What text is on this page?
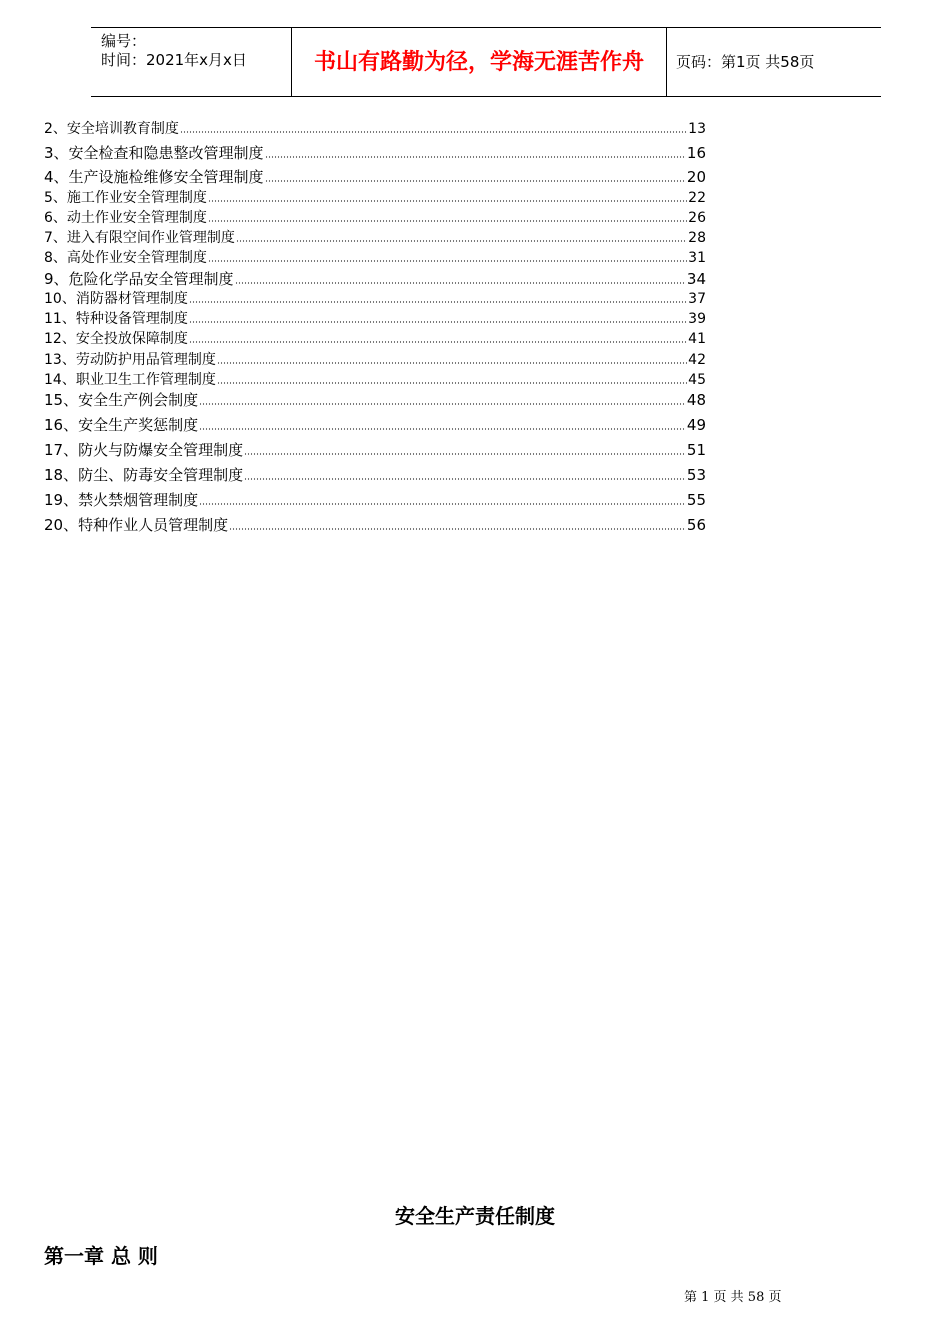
编号：
时间：2021年x月x日	书山有路勤为径，学海无涯苦作舟	页码：第1页 共58页
2、安全培训教育制度	13
3、安全检查和隐患整改管理制度	16
4、生产设施检维修安全管理制度	20
5、施工作业安全管理制度	22
6、动土作业安全管理制度	26
7、进入有限空间作业管理制度	28
8、高处作业安全管理制度	31
9、危险化学品安全管理制度	34
10、消防器材管理制度	37
11、特种设备管理制度	39
12、安全投放保障制度	41
13、劳动防护用品管理制度	42
14、职业卫生工作管理制度	45
15、安全生产例会制度	48
16、安全生产奖惩制度	49
17、防火与防爆安全管理制度	51
18、防尘、防毒安全管理制度	53
19、禁火禁烟管理制度	55
20、特种作业人员管理制度	56
安全生产责任制度
第一章 总 则
第 1 页 共 58 页
